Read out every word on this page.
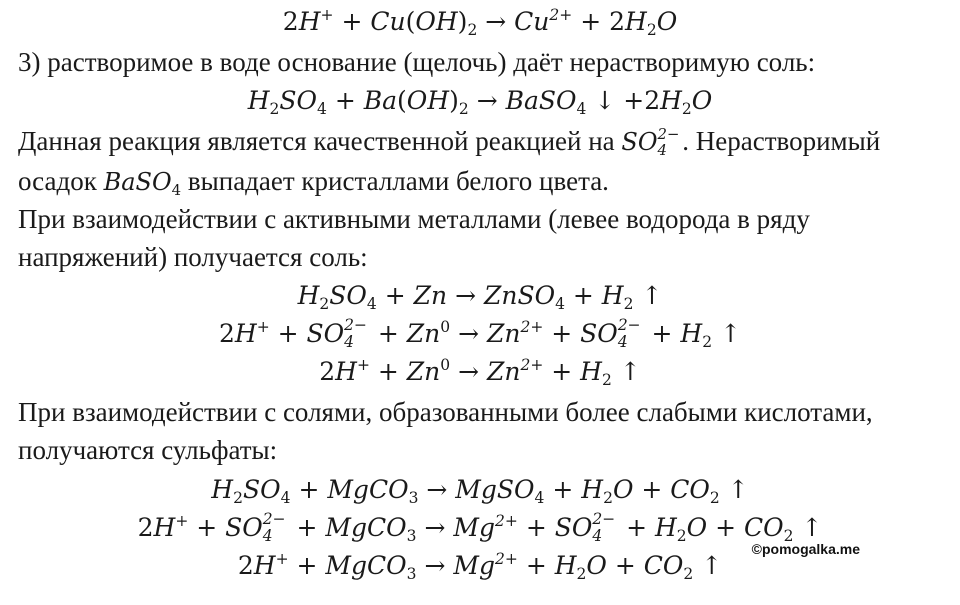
$2H^+ + Cu(OH)_2 \to Cu^{2+} + 2H_2O$
3) растворимое в воде основание (щелочь) даёт нерастворимую соль:
$H_2SO_4 + Ba(OH)_2$ → BaSO$_4$ ↓ $+2H_2O$
Данная реакция является качественной реакцией на SO 2−
4 . Нерастворимый
осадок BaSO$_4$ выпадает кристаллами белого цвета.
При взаимодействии с активными металлами (левее водорода в ряду
напряжений) получается соль:
$H_2SO_4 + Zn$ → ZnSO$_4$ + $H_2$ ↑
2H+ + SO 2−
$4 + Zn^0 \to Zn^{2+}$ + SO 2−
$4 + H_2$ ↑
$2H^+ + Zn^0 \to Zn^{2+} + H_2$ ↑
При взаимодействии с солями, образованными более слабыми кислотами,
получаются сульфаты:
$H_2SO_4$ + MgCO$_3$ → MgSO$_4$ + $H_2O + CO_2$ ↑
2H+ + SO 2−
4 + MgCO$_3$ → $Mg^{2+}$ + SO 2−
$4 + H_2O + CO_2$ ↑
2H+ + MgCO$_3$ → $Mg^{2+} + H_2O + CO_2$ ↑
©pomogalka.me
